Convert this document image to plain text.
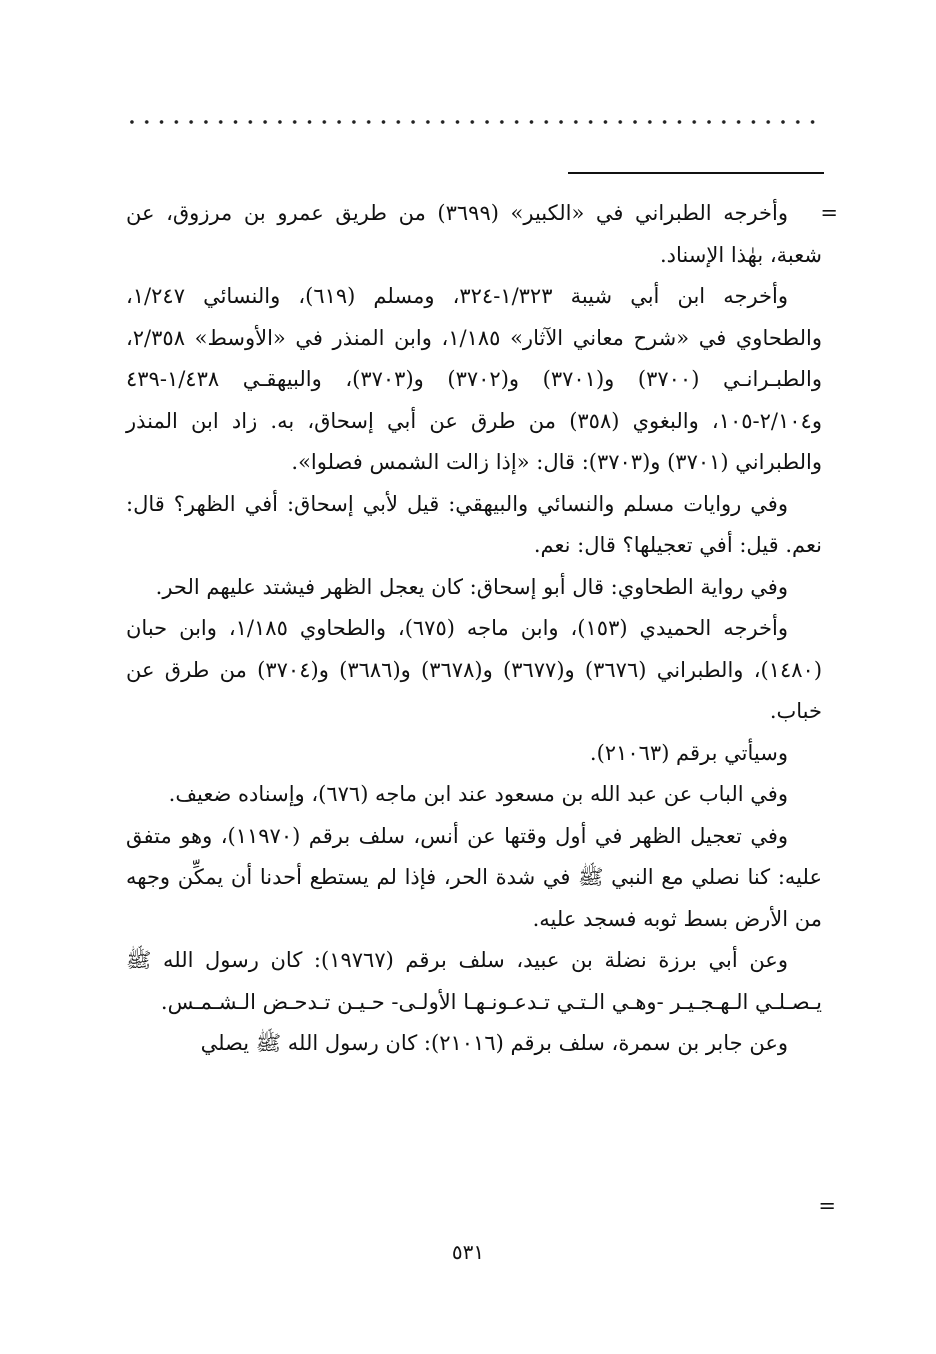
=

وأخرجه الطبراني في «الكبير» (٣٦٩٩) من طريق عمرو بن مرزوق، عن شعبة، بهٰذا الإسناد.

وأخرجه ابن أبي شيبة ١/٣٢٣-٣٢٤، ومسلم (٦١٩)، والنسائي ١/٢٤٧، والطحاوي في «شرح معاني الآثار» ١/١٨٥، وابن المنذر في «الأوسط» ٢/٣٥٨، والطبـرانـي (٣٧٠٠) و(٣٧٠١) و(٣٧٠٢) و(٣٧٠٣)، والبيهقـي ١/٤٣٨-٤٣٩ و٢/١٠٤-١٠٥، والبغوي (٣٥٨) من طرق عن أبي إسحاق، به. زاد ابن المنذر والطبراني (٣٧٠١) و(٣٧٠٣): قال: «إذا زالت الشمس فصلوا».

وفي روايات مسلم والنسائي والبيهقي: قيل لأبي إسحاق: أفي الظهر؟ قال: نعم. قيل: أفي تعجيلها؟ قال: نعم.

وفي رواية الطحاوي: قال أبو إسحاق: كان يعجل الظهر فيشتد عليهم الحر.

وأخرجه الحميدي (١٥٣)، وابن ماجه (٦٧٥)، والطحاوي ١/١٨٥، وابن حبان (١٤٨٠)، والطبراني (٣٦٧٦) و(٣٦٧٧) و(٣٦٧٨) و(٣٦٨٦) و(٣٧٠٤) من طرق عن خباب.

وسيأتي برقم (٢١٠٦٣).

وفي الباب عن عبد الله بن مسعود عند ابن ماجه (٦٧٦)، وإسناده ضعيف.

وفي تعجيل الظهر في أول وقتها عن أنس، سلف برقم (١١٩٧٠)، وهو متفق عليه: كنا نصلي مع النبي ﷺ في شدة الحر، فإذا لم يستطع أحدنا أن يمكِّن وجهه من الأرض بسط ثوبه فسجد عليه.

وعن أبي برزة نضلة بن عبيد، سلف برقم (١٩٧٦٧): كان رسول الله ﷺ يـصـلـي الـهـجـيـر -وهـي الـتـي تـدعـونـهـا الأولـى- حـيـن تـدحـض الـشـمـس.

وعن جابر بن سمرة، سلف برقم (٢١٠١٦): كان رسول الله ﷺ يصلي

=
٥٣١
